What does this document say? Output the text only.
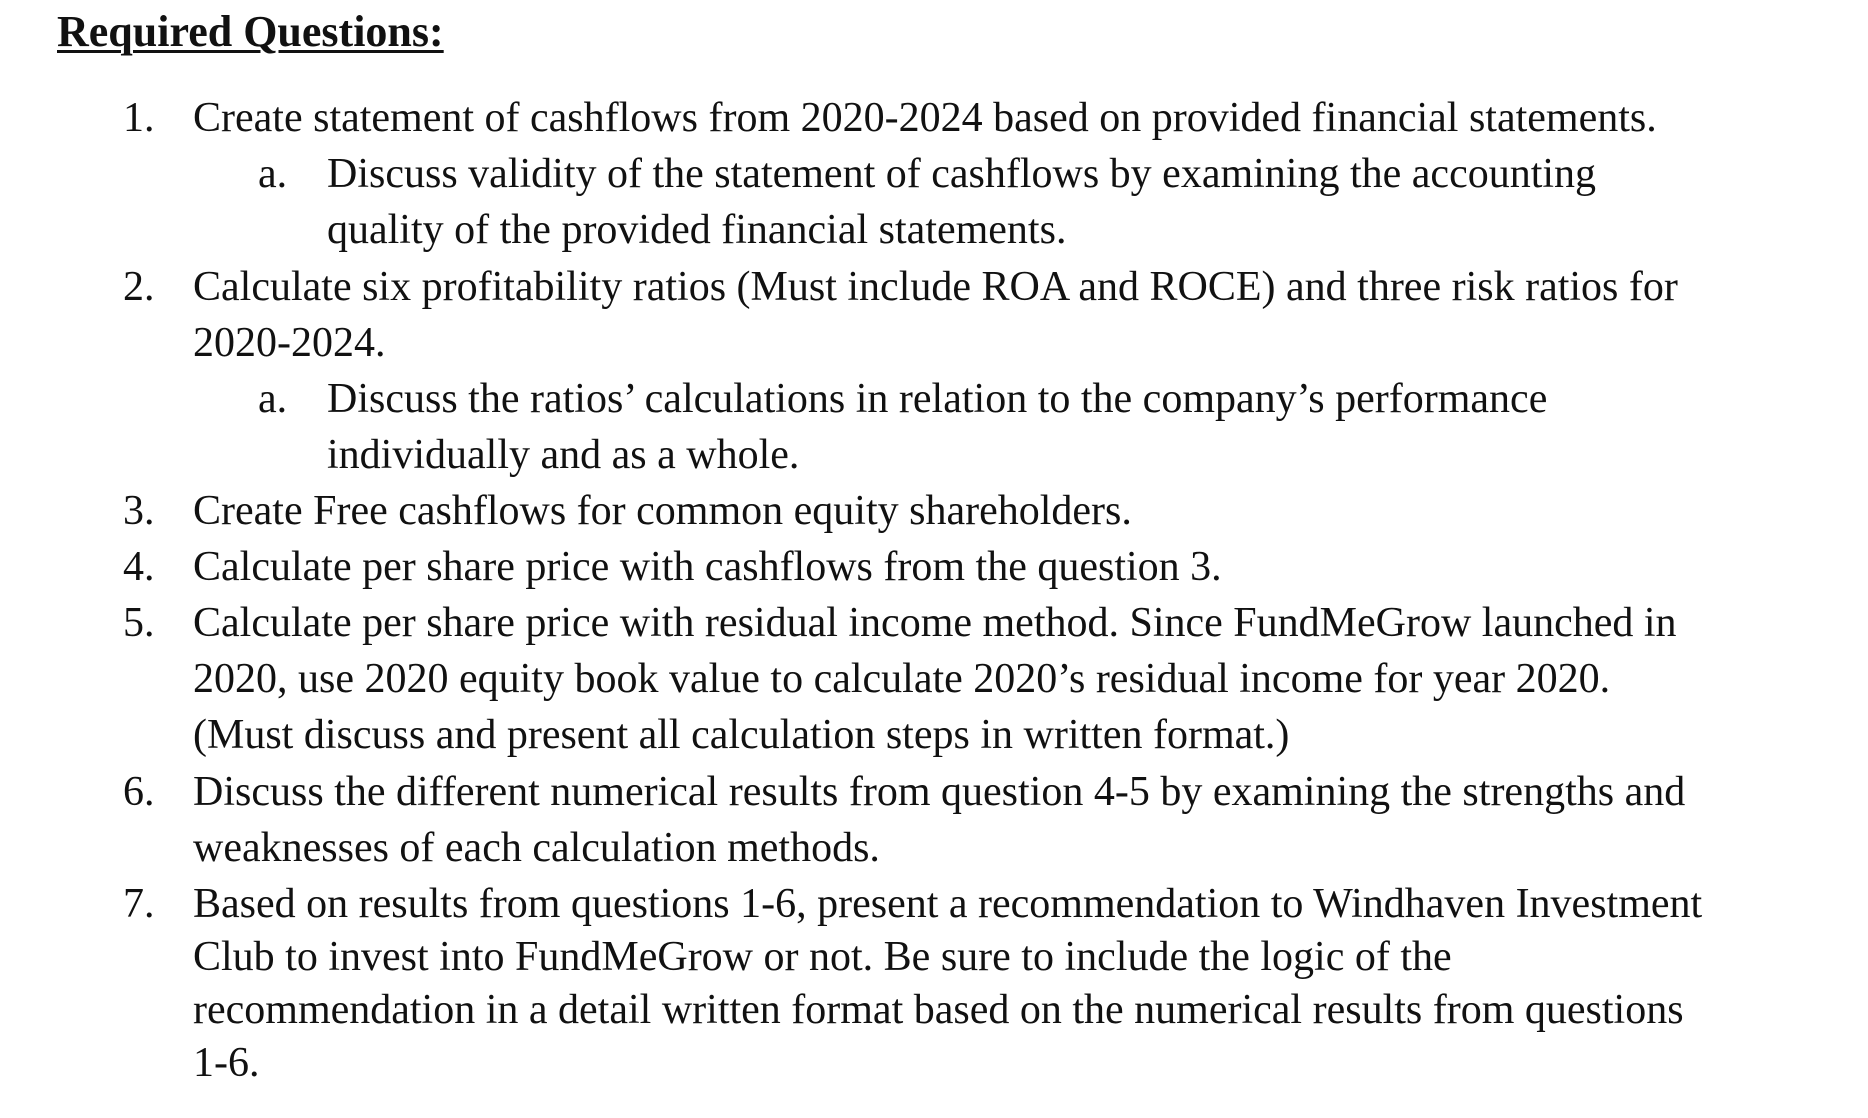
Required Questions:
1. Create statement of cashflows from 2020-2024 based on provided financial statements.
a. Discuss validity of the statement of cashflows by examining the accounting
quality of the provided financial statements.
2. Calculate six profitability ratios (Must include ROA and ROCE) and three risk ratios for
2020-2024.
a. Discuss the ratios’ calculations in relation to the company’s performance
individually and as a whole.
3. Create Free cashflows for common equity shareholders.
4. Calculate per share price with cashflows from the question 3.
5. Calculate per share price with residual income method. Since FundMeGrow launched in
2020, use 2020 equity book value to calculate 2020’s residual income for year 2020.
(Must discuss and present all calculation steps in written format.)
6. Discuss the different numerical results from question 4-5 by examining the strengths and
weaknesses of each calculation methods.
7. Based on results from questions 1-6, present a recommendation to Windhaven Investment
Club to invest into FundMeGrow or not. Be sure to include the logic of the
recommendation in a detail written format based on the numerical results from questions
1-6.
